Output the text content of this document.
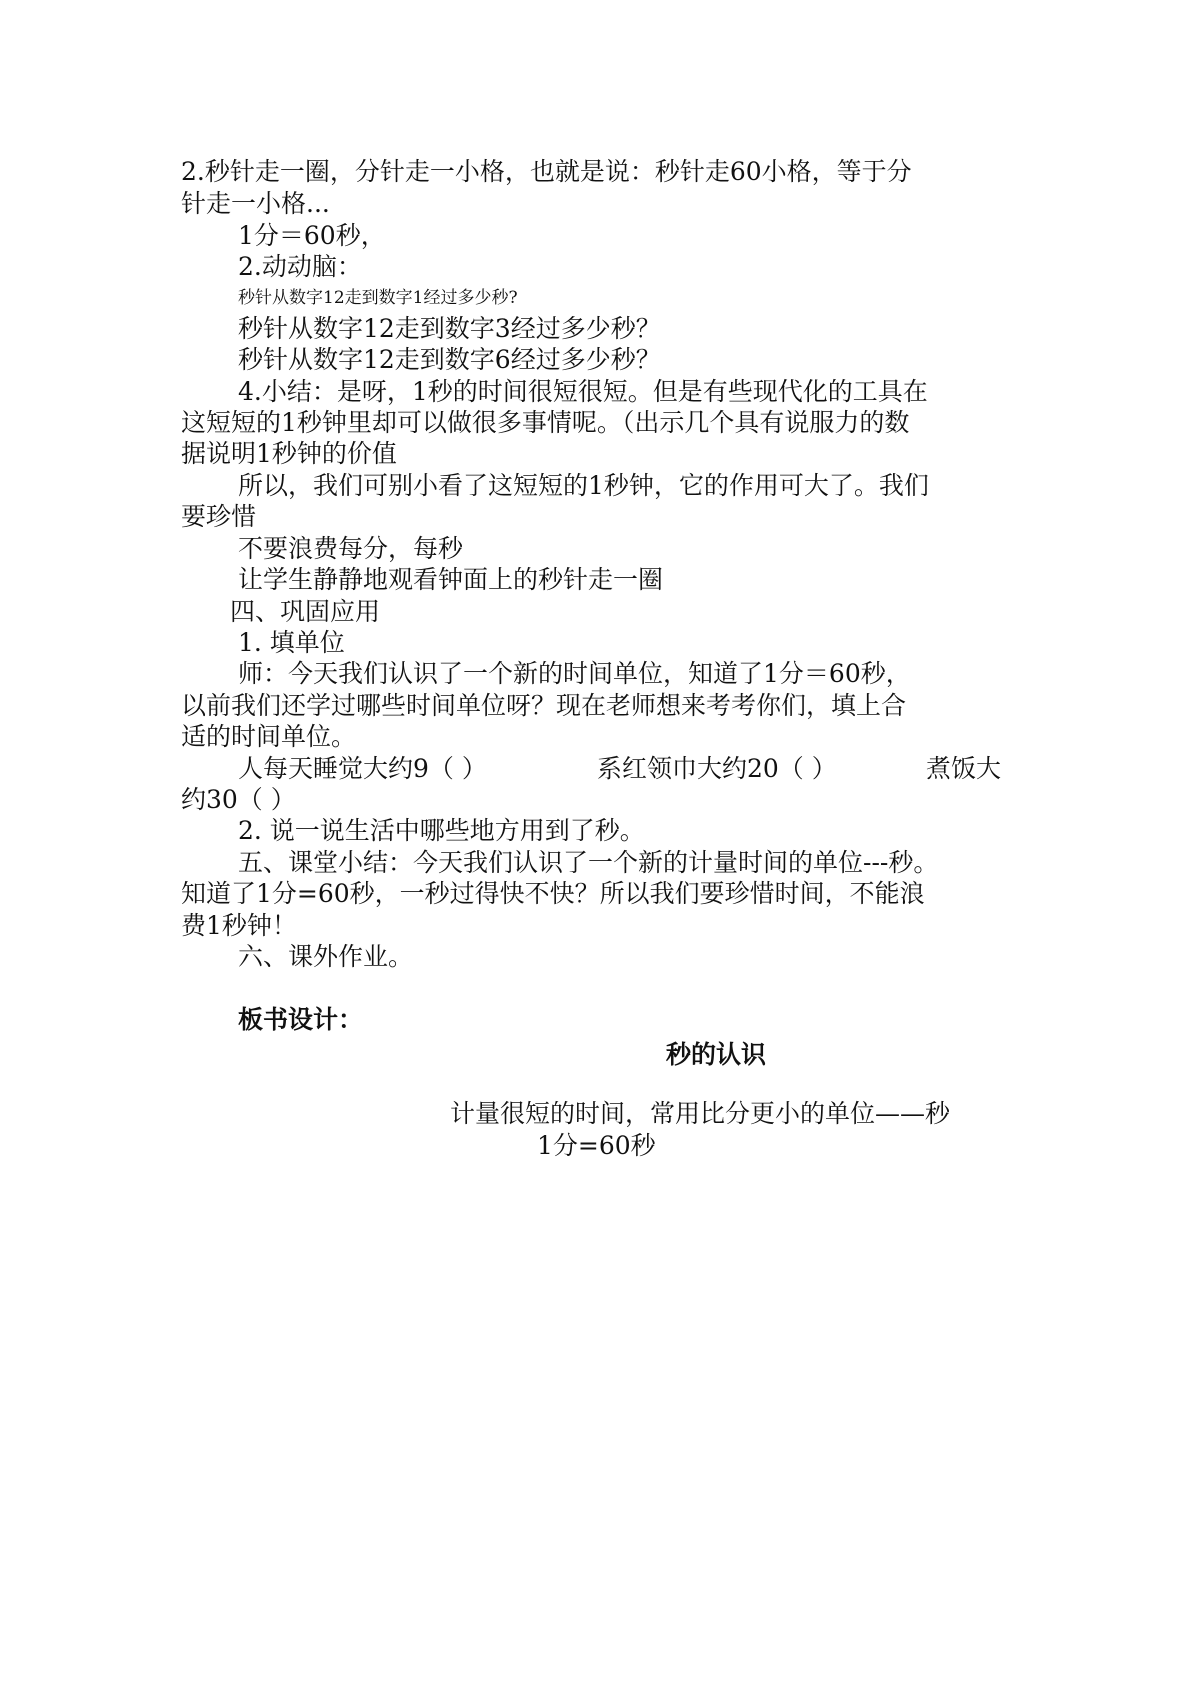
2.秒针走一圈，分针走一小格，也就是说：秒针走60小格，等于分
针走一小格...
1分＝60秒，
2.动动脑：
秒针从数字12走到数字1经过多少秒?
秒针从数字12走到数字3经过多少秒？
秒针从数字12走到数字6经过多少秒？
4.小结：是呀，1秒的时间很短很短。但是有些现代化的工具在
这短短的1秒钟里却可以做很多事情呢。（出示几个具有说服力的数
据说明1秒钟的价值
所以，我们可别小看了这短短的1秒钟，它的作用可大了。我们
要珍惜
不要浪费每分，每秒
让学生静静地观看钟面上的秒针走一圈
四、巩固应用
1. 填单位
师：今天我们认识了一个新的时间单位，知道了1分＝60秒，
以前我们还学过哪些时间单位呀？现在老师想来考考你们，填上合
适的时间单位。
人每天睡觉大约9（ ）	系红领巾大约20（ ）	煮饭大
约30（ ）
2. 说一说生活中哪些地方用到了秒。
五、课堂小结：今天我们认识了一个新的计量时间的单位---秒。
知道了1分=60秒，一秒过得快不快？所以我们要珍惜时间，不能浪
费1秒钟！
六、课外作业。
板书设计：
秒的认识
计量很短的时间，常用比分更小的单位——秒
1分=60秒
